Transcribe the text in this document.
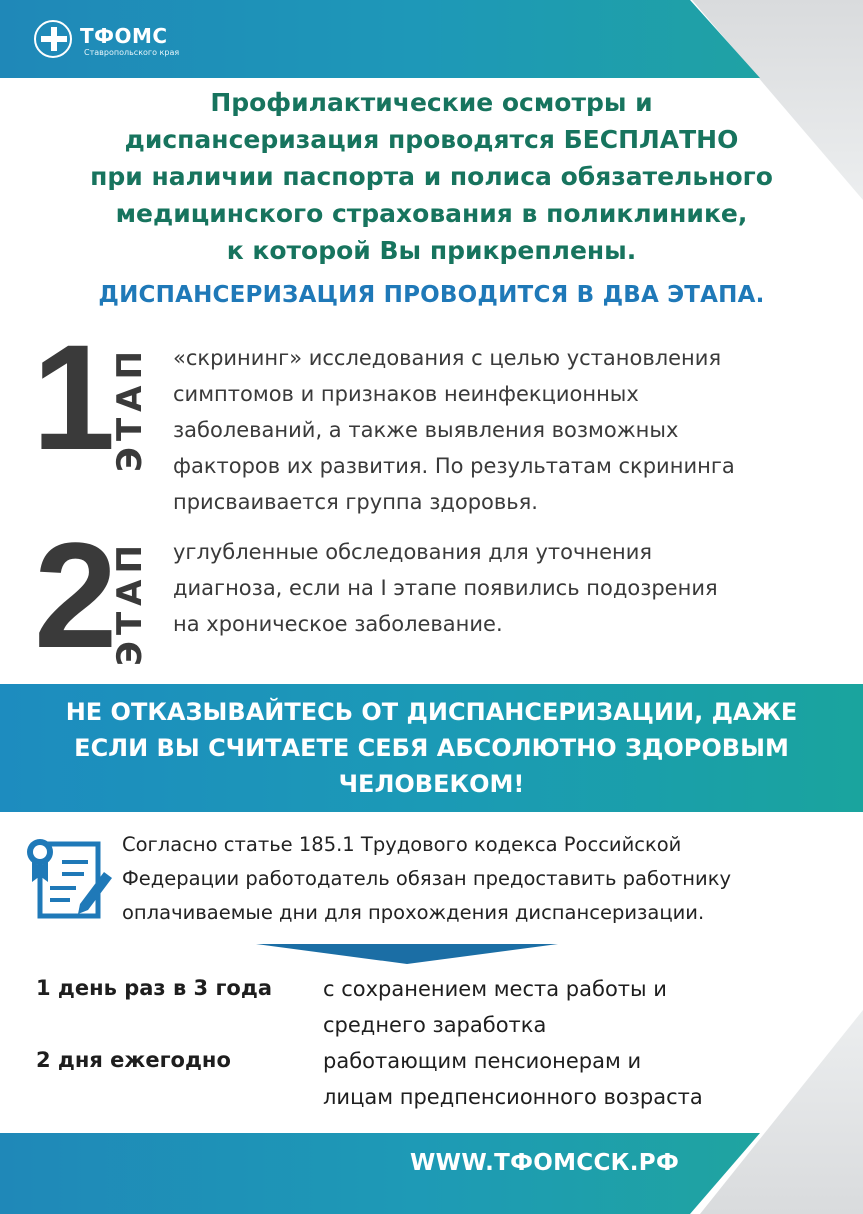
ТФОМС
Ставропольского края
Профилактические осмотры и
диспансеризация проводятся БЕСПЛАТНО
при наличии паспорта и полиса обязательного
медицинского страхования в поликлинике,
к которой Вы прикреплены.
ДИСПАНСЕРИЗАЦИЯ ПРОВОДИТСЯ В ДВА ЭТАПА.
1
ЭТАП «скрининг» исследования с целью установления
симптомов и признаков неинфекционных
заболеваний, а также выявления возможных
факторов их развития. По результатам скрининга
присваивается группа здоровья.
2
ЭТАП углубленные обследования для уточнения
диагноза, если на I этапе появились подозрения
на хроническое заболевание.
НЕ ОТКАЗЫВАЙТЕСЬ ОТ ДИСПАНСЕРИЗАЦИИ, ДАЖЕ
ЕСЛИ ВЫ СЧИТАЕТЕ СЕБЯ АБСОЛЮТНО ЗДОРОВЫМ
ЧЕЛОВЕКОМ!
Согласно статье 185.1 Трудового кодекса Российской
Федерации работодатель обязан предоставить работнику
оплачиваемые дни для прохождения диспансеризации.
1 день раз в 3 года с сохранением места работы и
среднего заработка
2 дня ежегодно	работающим пенсионерам и
лицам предпенсионного возраста
WWW.ТФОМССК.РФ
